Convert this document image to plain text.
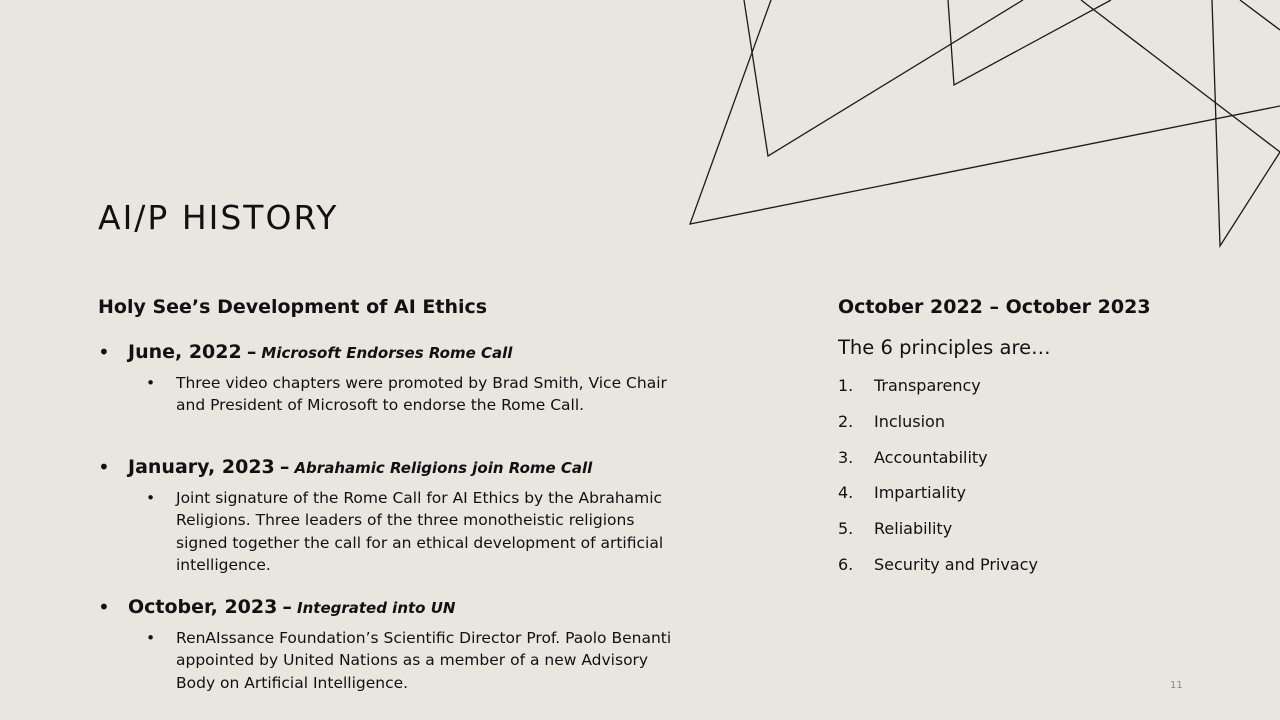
AI/P HISTORY
Holy See’s Development of AI Ethics
• June, 2022 – Microsoft Endorses Rome Call
• Three video chapters were promoted by Brad Smith, Vice Chair and President of Microsoft to endorse the Rome Call.
• January, 2023 – Abrahamic Religions join Rome Call
• Joint signature of the Rome Call for AI Ethics by the Abrahamic Religions. Three leaders of the three monotheistic religions signed together the call for an ethical development of artificial intelligence.
• October, 2023 – Integrated into UN
• RenAIssance Foundation’s Scientific Director Prof. Paolo Benanti appointed by United Nations as a member of a new Advisory Body on Artificial Intelligence.
October 2022 – October 2023

The 6 principles are…

1. Transparency
2. Inclusion
3. Accountability
4. Impartiality
5. Reliability
6. Security and Privacy
11
